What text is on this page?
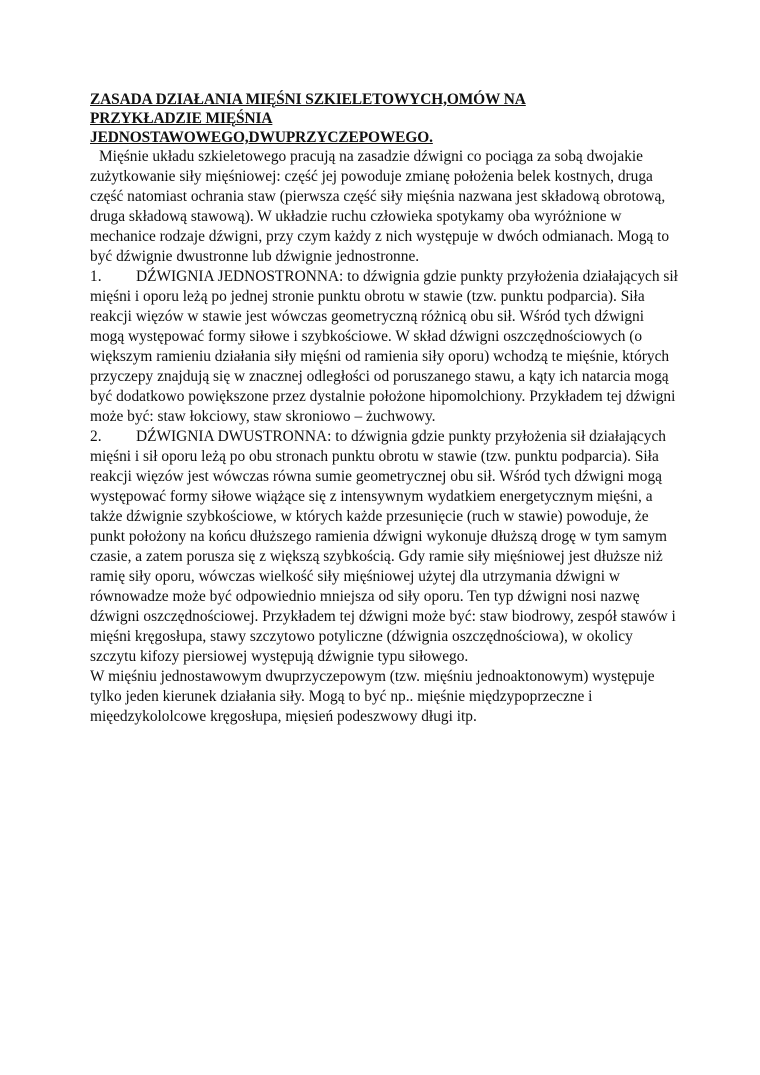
ZASADA DZIAŁANIA MIĘŚNI SZKIELETOWYCH,OMÓW NA
PRZYKŁADZIE MIĘŚNIA
JEDNOSTAWOWEGO,DWUPRZYCZEPOWEGO.

Mięśnie układu szkieletowego pracują na zasadzie dźwigni co pociąga za sobą dwojakie zużytkowanie siły mięśniowej: część jej powoduje zmianę położenia belek kostnych, druga część natomiast ochrania staw (pierwsza część siły mięśnia nazwana jest składową obrotową, druga składową stawową). W układzie ruchu człowieka spotykamy oba wyróżnione w mechanice rodzaje dźwigni, przy czym każdy z nich występuje w dwóch odmianach. Mogą to być dźwignie dwustronne lub dźwignie jednostronne.

1. DŹWIGNIA JEDNOSTRONNA: to dźwignia gdzie punkty przyłożenia działających sił mięśni i oporu leżą po jednej stronie punktu obrotu w stawie (tzw. punktu podparcia). Siła reakcji więzów w stawie jest wówczas geometryczną różnicą obu sił. Wśród tych dźwigni mogą występować formy siłowe i szybkościowe. W skład dźwigni oszczędnościowych (o większym ramieniu działania siły mięśni od ramienia siły oporu) wchodzą te mięśnie, których przyczepy znajdują się w znacznej odległości od poruszanego stawu, a kąty ich natarcia mogą być dodatkowo powiększone przez dystalnie położone hipomolchiony. Przykładem tej dźwigni może być: staw łokciowy, staw skroniowo – żuchwowy.

2. DŹWIGNIA DWUSTRONNA: to dźwignia gdzie punkty przyłożenia sił działających mięśni i sił oporu leżą po obu stronach punktu obrotu w stawie (tzw. punktu podparcia). Siła reakcji więzów jest wówczas równa sumie geometrycznej obu sił. Wśród tych dźwigni mogą występować formy siłowe wiążące się z intensywnym wydatkiem energetycznym mięśni, a także dźwignie szybkościowe, w których każde przesunięcie (ruch w stawie) powoduje, że punkt położony na końcu dłuższego ramienia dźwigni wykonuje dłuższą drogę w tym samym czasie, a zatem porusza się z większą szybkością. Gdy ramie siły mięśniowej jest dłuższe niż ramię siły oporu, wówczas wielkość siły mięśniowej użytej dla utrzymania dźwigni w równowadze może być odpowiednio mniejsza od siły oporu. Ten typ dźwigni nosi nazwę dźwigni oszczędnościowej. Przykładem tej dźwigni może być: staw biodrowy, zespół stawów i mięśni kręgosłupa, stawy szczytowo potyliczne (dźwignia oszczędnościowa), w okolicy szczytu kifozy piersiowej występują dźwignie typu siłowego.

W mięśniu jednostawowym dwuprzyczepowym (tzw. mięśniu jednoaktonowym) występuje tylko jeden kierunek działania siły. Mogą to być np.. mięśnie międzypoprzeczne i mięedzykololcowe kręgosłupa, mięsień podeszwowy długi itp.
